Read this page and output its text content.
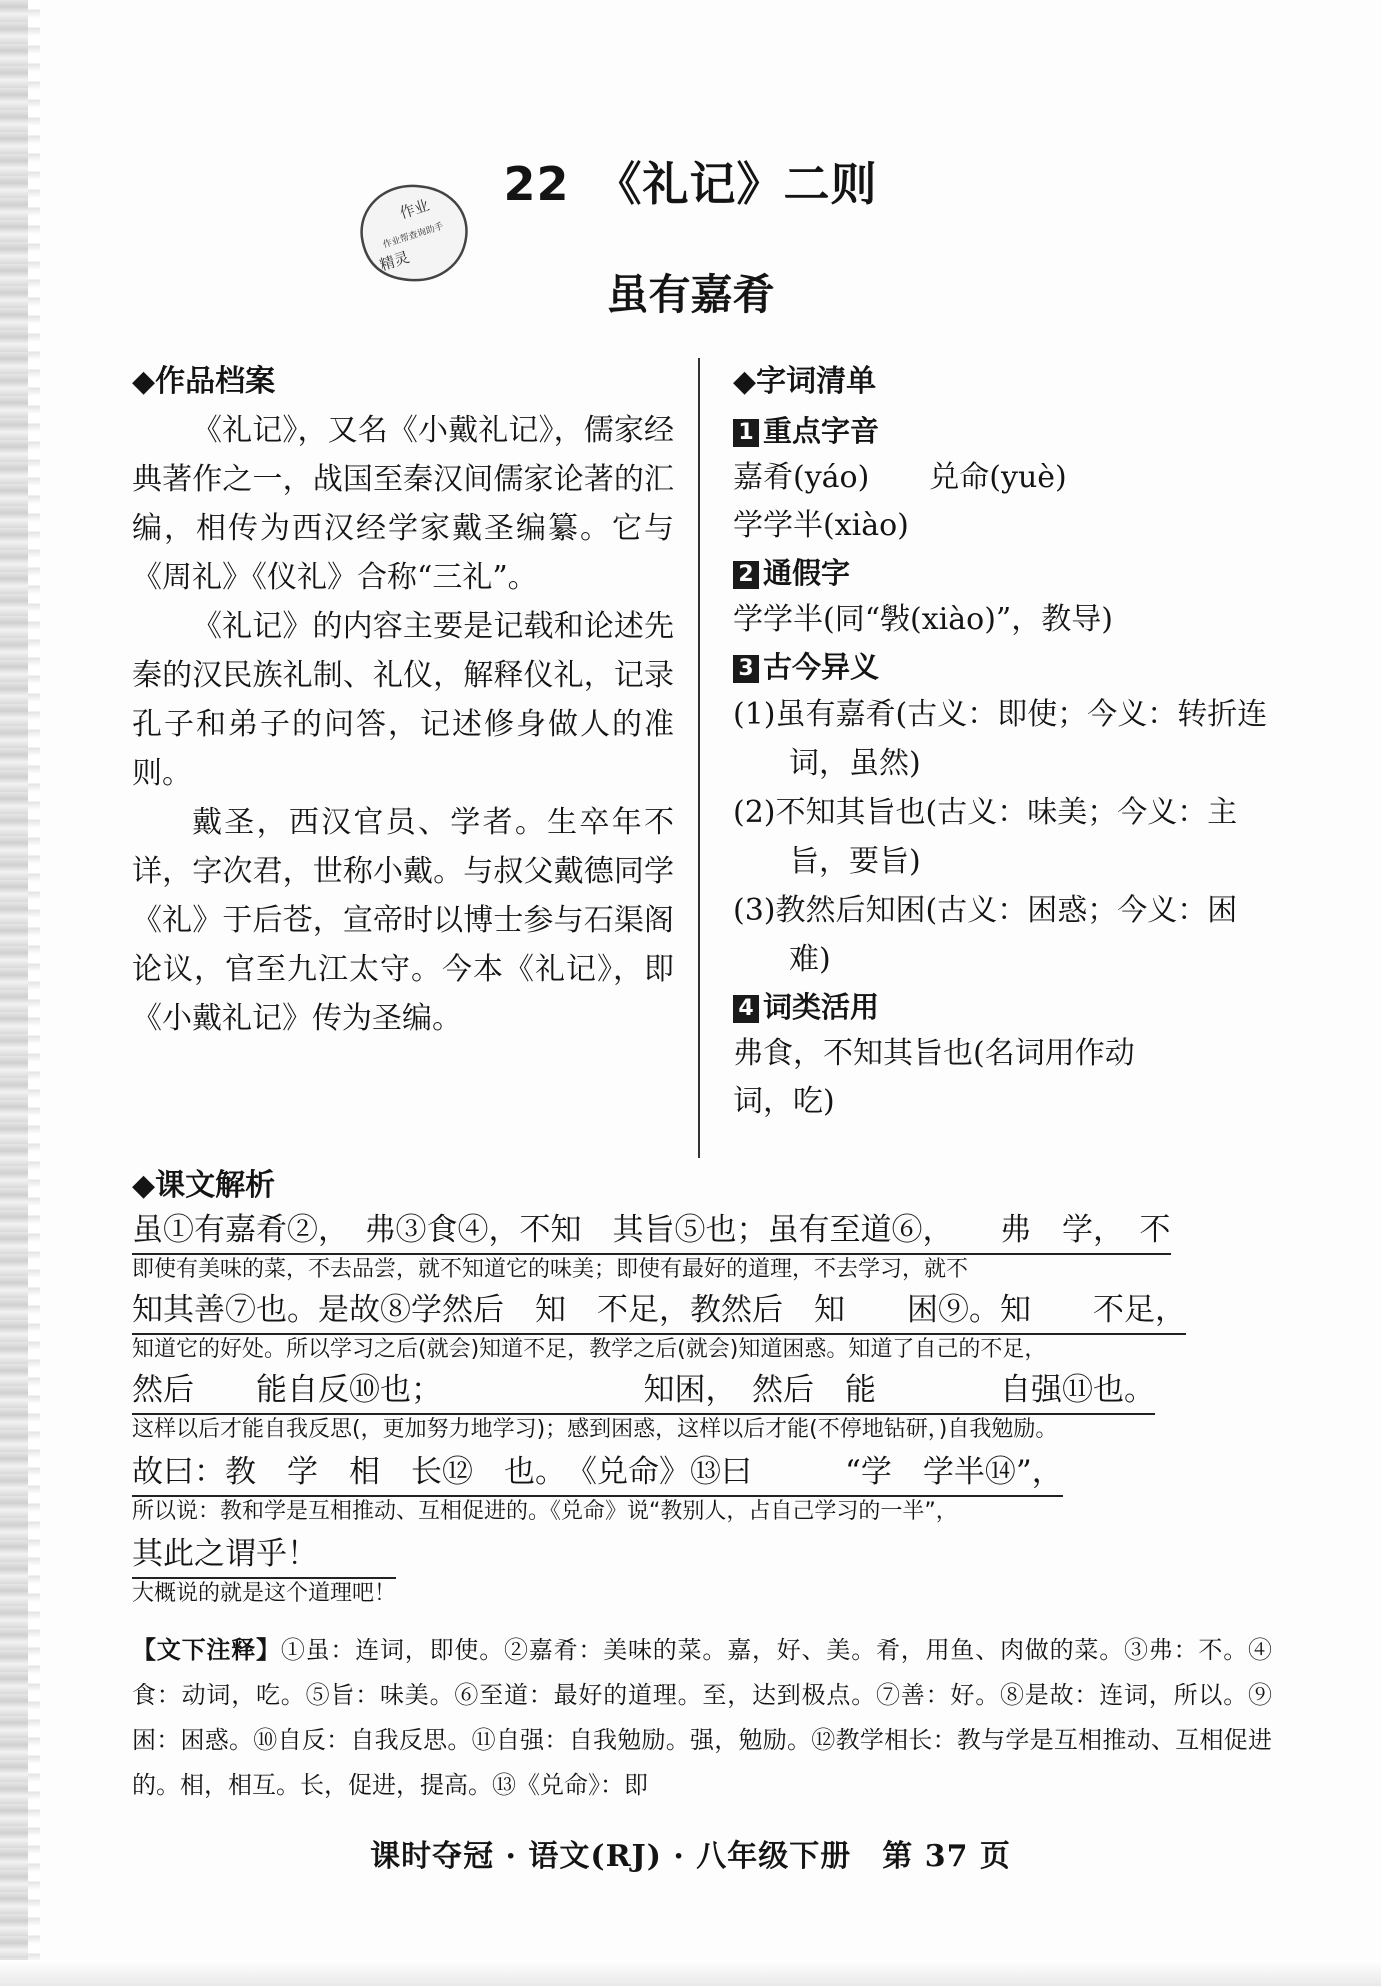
作业
作业帮查询助手
精灵
22 《礼记》二则
虽有嘉肴
◆作品档案

《礼记》，又名《小戴礼记》，儒家经典著作之一，战国至秦汉间儒家论著的汇编，相传为西汉经学家戴圣编纂。它与《周礼》《仪礼》合称“三礼”。

《礼记》的内容主要是记载和论述先秦的汉民族礼制、礼仪，解释仪礼，记录孔子和弟子的问答，记述修身做人的准则。

戴圣，西汉官员、学者。生卒年不详，字次君，世称小戴。与叔父戴德同学《礼》于后苍，宣帝时以博士参与石渠阁论议，官至九江太守。今本《礼记》，即《小戴礼记》传为圣编。

◆字词清单
1 重点字音
嘉肴(yáo)　　兑命(yuè)
学学半(xiào)
2 通假字
学学半(同“斅(xiào)”，教导)
3 古今异义
(1)虽有嘉肴(古义：即使；今义：转折连词，虽然)
(2)不知其旨也(古义：味美；今义：主旨，要旨)
(3)教然后知困(古义：困惑；今义：困难)
4 词类活用
弗食，不知其旨也(名词用作动
词，吃)
◆课文解析
虽①有嘉肴②，　弗③食④，不知　其旨⑤也；虽有至道⑥，　　弗　学，　不
即使有美味的菜，不去品尝，就不知道它的味美；即使有最好的道理，不去学习，就不
知其善⑦也。是故⑧学然后　知　不足，教然后　知　　困⑨。知　　不足，
知道它的好处。所以学习之后(就会)知道不足，教学之后(就会)知道困惑。知道了自己的不足，
然后　　能自反⑩也；　　　　　　　知困，　然后　能　　　　自强⑪也。
这样以后才能自我反思(，更加努力地学习)；感到困惑，这样以后才能(不停地钻研，)自我勉励。
故曰：教　学　相　长⑫　也。　《兑命》⑬曰　　　“学　学半⑭”，
所以说：教和学是互相推动、互相促进的。《兑命》说“教别人，占自己学习的一半”，
其此之谓乎！
大概说的就是这个道理吧！

【文下注释】①虽：连词，即使。②嘉肴：美味的菜。嘉，好、美。肴，用鱼、肉做的菜。③弗：不。④食：动词，吃。⑤旨：味美。⑥至道：最好的道理。至，达到极点。⑦善：好。⑧是故：连词，所以。⑨困：困惑。⑩自反：自我反思。⑪自强：自我勉励。强，勉励。⑫教学相长：教与学是互相推动、互相促进的。相，相互。长，促进，提高。⑬《兑命》：即

课时夺冠 · 语文(RJ) · 八年级下册　第 37 页
